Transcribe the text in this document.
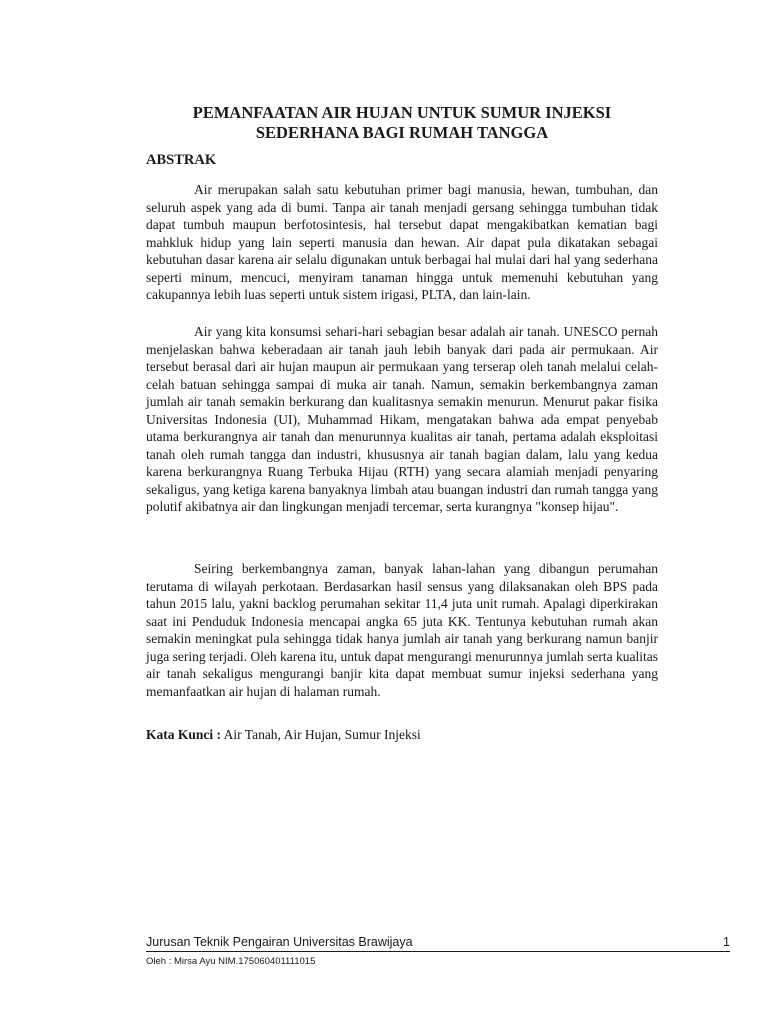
PEMANFAATAN AIR HUJAN UNTUK SUMUR INJEKSI
SEDERHANA BAGI RUMAH TANGGA
ABSTRAK

Air merupakan salah satu kebutuhan primer bagi manusia, hewan, tumbuhan, dan seluruh aspek yang ada di bumi. Tanpa air tanah menjadi gersang sehingga tumbuhan tidak dapat tumbuh maupun berfotosintesis, hal tersebut dapat mengakibatkan kematian bagi mahkluk hidup yang lain seperti manusia dan hewan. Air dapat pula dikatakan sebagai kebutuhan dasar karena air selalu digunakan untuk berbagai hal mulai dari hal yang sederhana seperti minum, mencuci, menyiram tanaman hingga untuk memenuhi kebutuhan yang cakupannya lebih luas seperti untuk sistem irigasi, PLTA, dan lain-lain.

Air yang kita konsumsi sehari-hari sebagian besar adalah air tanah. UNESCO pernah menjelaskan bahwa keberadaan air tanah jauh lebih banyak dari pada air permukaan. Air tersebut berasal dari air hujan maupun air permukaan yang terserap oleh tanah melalui celah- celah batuan sehingga sampai di muka air tanah. Namun, semakin berkembangnya zaman jumlah air tanah semakin berkurang dan kualitasnya semakin menurun. Menurut pakar fisika Universitas Indonesia (UI), Muhammad Hikam, mengatakan bahwa ada empat penyebab utama berkurangnya air tanah dan menurunnya kualitas air tanah, pertama adalah eksploitasi tanah oleh rumah tangga dan industri, khususnya air tanah bagian dalam, lalu yang kedua karena berkurangnya Ruang Terbuka Hijau (RTH) yang secara alamiah menjadi penyaring sekaligus, yang ketiga karena banyaknya limbah atau buangan industri dan rumah tangga yang polutif akibatnya air dan lingkungan menjadi tercemar, serta kurangnya "konsep hijau".

Seiring berkembangnya zaman, banyak lahan-lahan yang dibangun perumahan terutama di wilayah perkotaan. Berdasarkan hasil sensus yang dilaksanakan oleh BPS pada tahun 2015 lalu, yakni backlog perumahan sekitar 11,4 juta unit rumah. Apalagi diperkirakan saat ini Penduduk Indonesia mencapai angka 65 juta KK. Tentunya kebutuhan rumah akan semakin meningkat pula sehingga tidak hanya jumlah air tanah yang berkurang namun banjir juga sering terjadi. Oleh karena itu, untuk dapat mengurangi menurunnya jumlah serta kualitas air tanah sekaligus mengurangi banjir kita dapat membuat sumur injeksi sederhana yang memanfaatkan air hujan di halaman rumah.

Kata Kunci : Air Tanah, Air Hujan, Sumur Injeksi

Jurusan Teknik Pengairan Universitas Brawijaya	1
Oleh : Mirsa Ayu NIM.175060401111015
